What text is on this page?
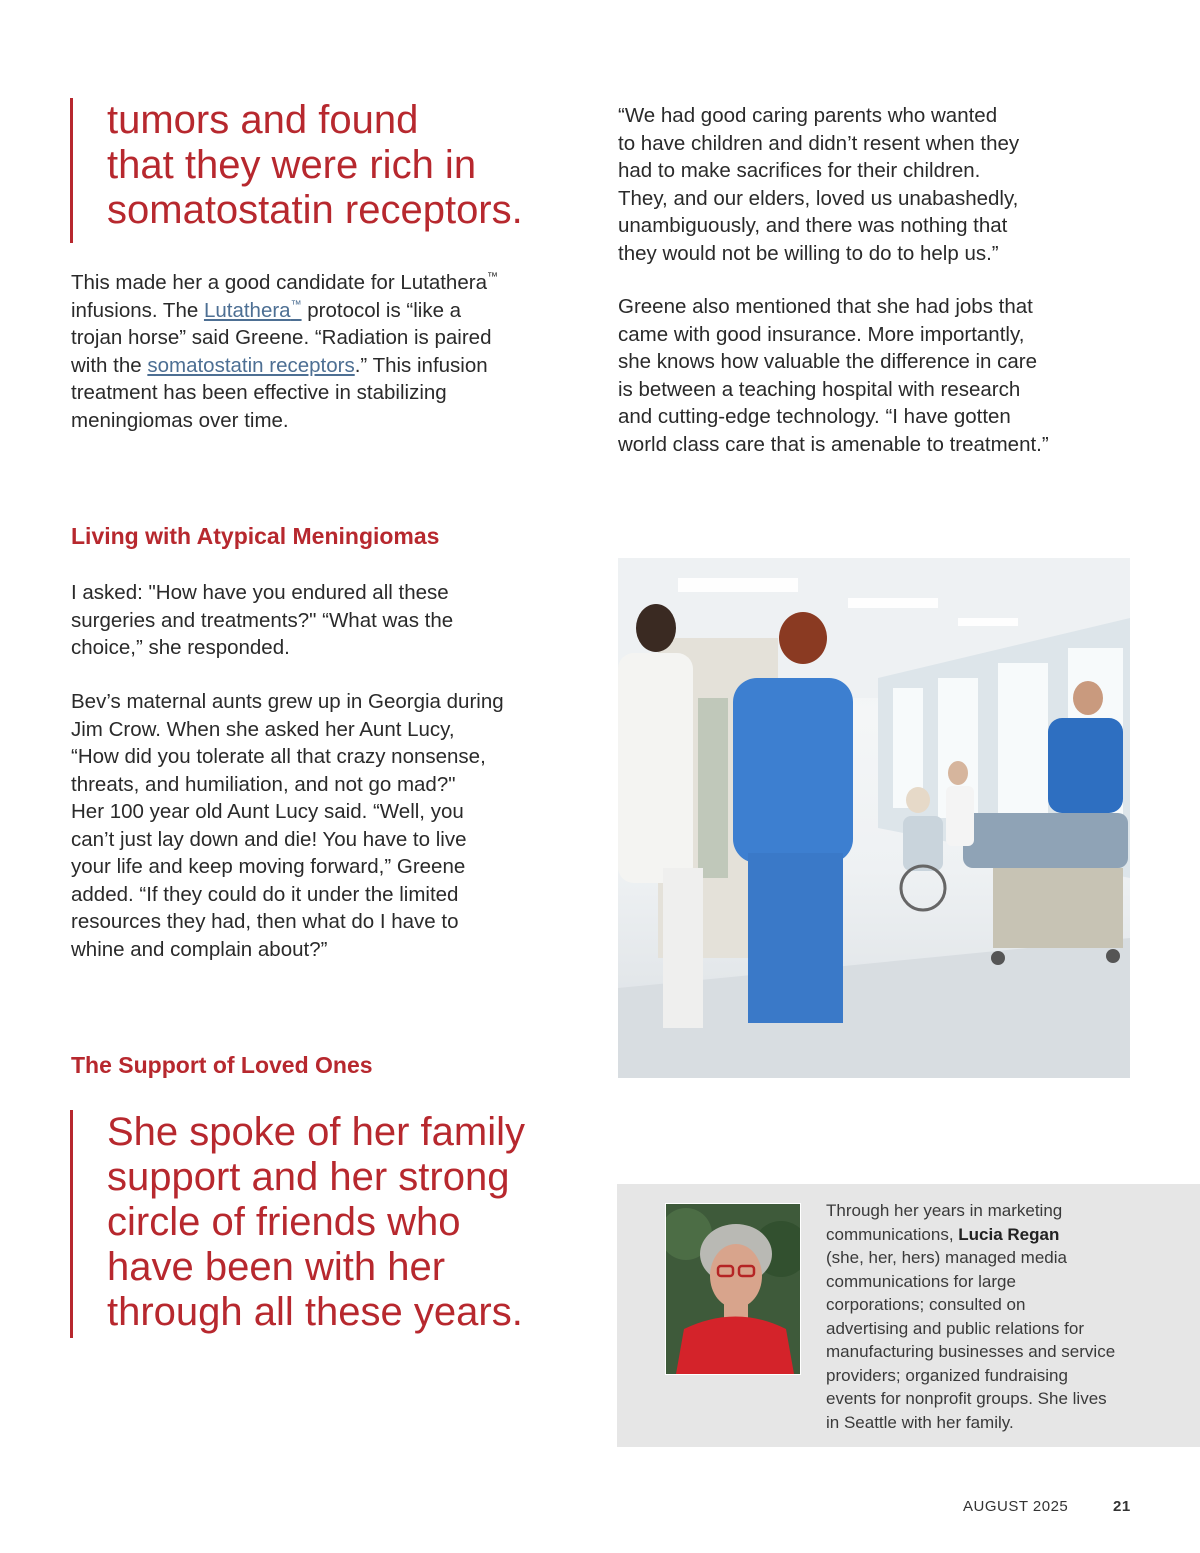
tumors and found
that they were rich in
somatostatin receptors.
This made her a good candidate for Lutathera™
infusions. The Lutathera™ protocol is “like a
trojan horse” said Greene. “Radiation is paired
with the somatostatin receptors.” This infusion
treatment has been effective in stabilizing
meningiomas over time.
“We had good caring parents who wanted
to have children and didn’t resent when they
had to make sacrifices for their children.
They, and our elders, loved us unabashedly,
unambiguously, and there was nothing that
they would not be willing to do to help us.”
Greene also mentioned that she had jobs that
came with good insurance. More importantly,
she knows how valuable the difference in care
is between a teaching hospital with research
and cutting-edge technology. “I have gotten
world class care that is amenable to treatment.”
Living with Atypical Meningiomas
I asked: "How have you endured all these
surgeries and treatments?" “What was the
choice,” she responded.
Bev’s maternal aunts grew up in Georgia during
Jim Crow. When she asked her Aunt Lucy,
“How did you tolerate all that crazy nonsense,
threats, and humiliation, and not go mad?"
Her 100 year old Aunt Lucy said. “Well, you
can’t just lay down and die! You have to live
your life and keep moving forward,” Greene
added. “If they could do it under the limited
resources they had, then what do I have to
whine and complain about?”
The Support of Loved Ones
She spoke of her family
support and her strong
circle of friends who
have been with her
through all these years.
Through her years in marketing
communications, Lucia Regan
(she, her, hers) managed media
communications for large
corporations; consulted on
advertising and public relations for
manufacturing businesses and service
providers; organized fundraising
events for nonprofit groups. She lives
in Seattle with her family.
AUGUST 2025	21
